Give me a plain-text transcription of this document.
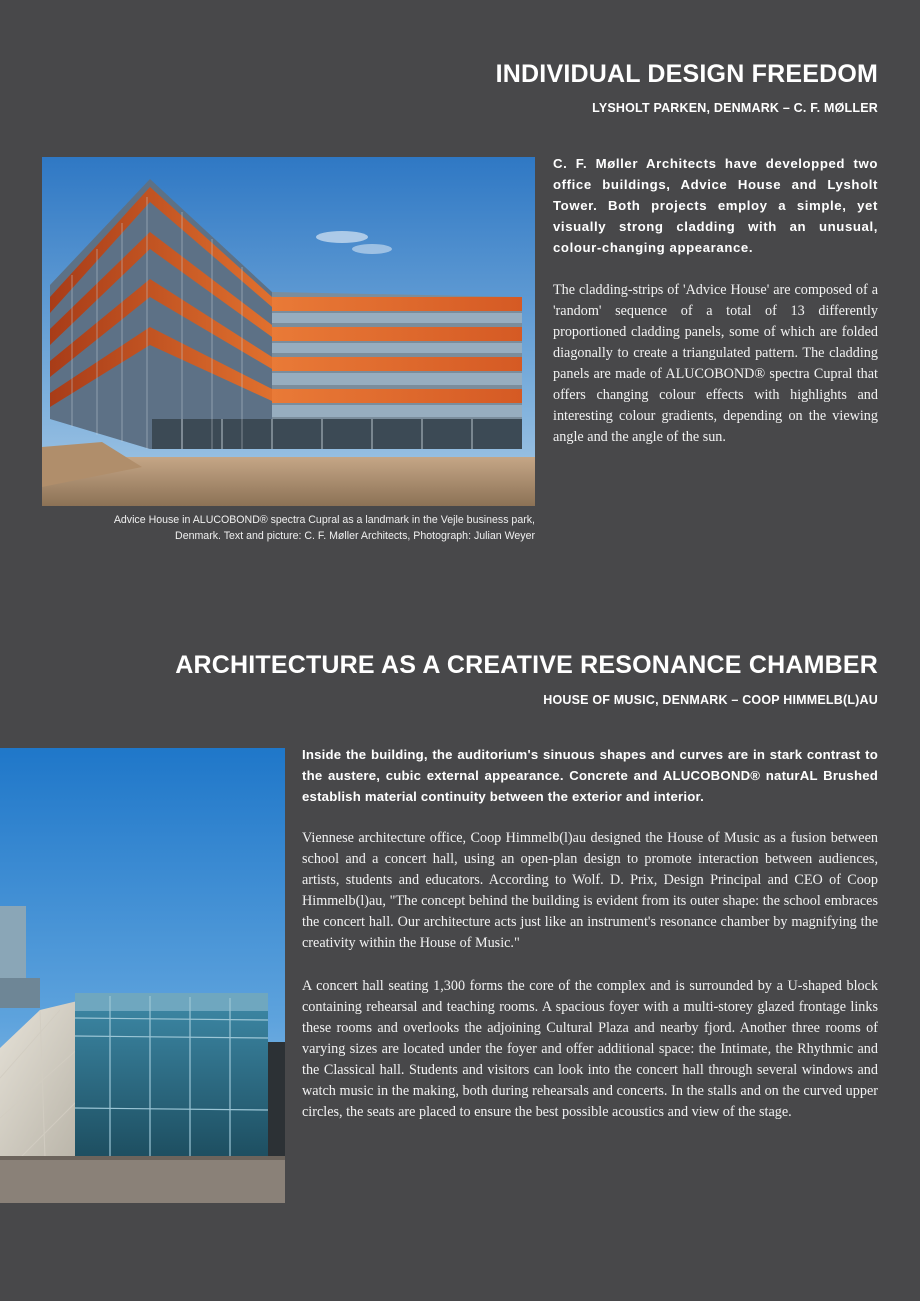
INDIVIDUAL DESIGN FREEDOM
LYSHOLT PARKEN, DENMARK – C. F. MØLLER

Advice House in ALUCOBOND® spectra Cupral as a landmark in the Vejle business park,
Denmark. Text and picture: C. F. Møller Architects, Photograph: Julian Weyer

C. F. Møller Architects have developped two office buildings, Advice House and Lysholt Tower. Both projects employ a simple, yet visually strong cladding with an unusual, colour-changing appearance.

The cladding-strips of 'Advice House' are composed of a 'random' sequence of a total of 13 differently proportioned cladding panels, some of which are folded diagonally to create a triangulated pattern. The cladding panels are made of ALUCOBOND® spectra Cupral that offers changing colour effects with highlights and interesting colour gradients, depending on the viewing angle and the angle of the sun.

ARCHITECTURE AS A CREATIVE RESONANCE CHAMBER
HOUSE OF MUSIC, DENMARK – COOP HIMMELB(L)AU

Inside the building, the auditorium's sinuous shapes and curves are in stark contrast to the austere, cubic external appearance. Concrete and ALUCOBOND® naturAL Brushed establish material continuity between the exterior and interior.

Viennese architecture office, Coop Himmelb(l)au designed the House of Music as a fusion between school and a concert hall, using an open-plan design to promote interaction between audiences, artists, students and educators. According to Wolf. D. Prix, Design Principal and CEO of Coop Himmelb(l)au, "The concept behind the building is evident from its outer shape: the school embraces the concert hall. Our architecture acts just like an instrument's resonance chamber by magnifying the creativity within the House of Music."

A concert hall seating 1,300 forms the core of the complex and is surrounded by a U-shaped block containing rehearsal and teaching rooms. A spacious foyer with a multi-storey glazed frontage links these rooms and overlooks the adjoining Cultural Plaza and nearby fjord. Another three rooms of varying sizes are located under the foyer and offer additional space: the Intimate, the Rhythmic and the Classical hall. Students and visitors can look into the concert hall through several windows and watch music in the making, both during rehearsals and concerts. In the stalls and on the curved upper circles, the seats are placed to ensure the best possible acoustics and view of the stage.
